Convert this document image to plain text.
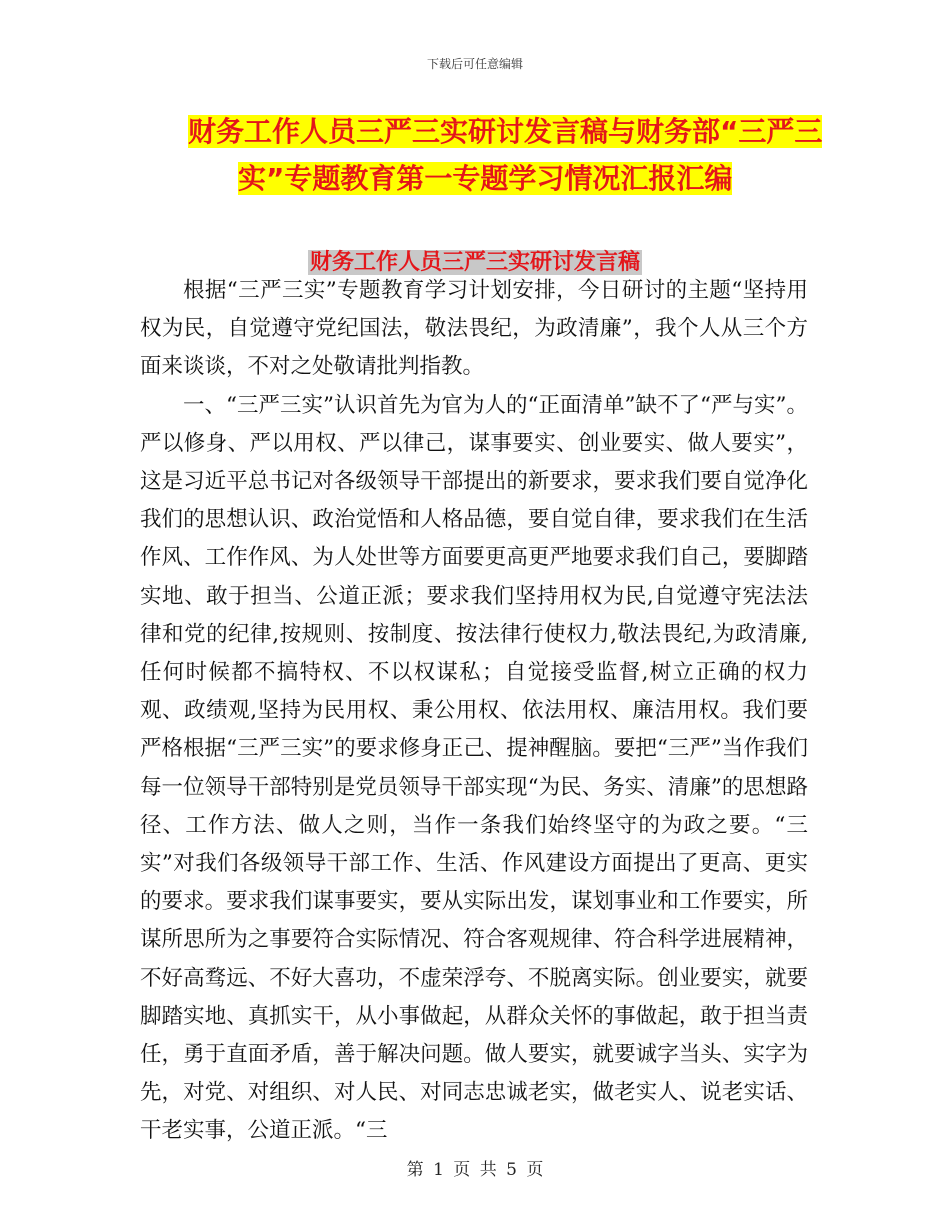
下载后可任意编辑
财务工作人员三严三实研讨发言稿与财务部“三严三
实”专题教育第一专题学习情况汇报汇编
财务工作人员三严三实研讨发言稿

根据“三严三实”专题教育学习计划安排，今日研讨的主题“坚持用权为民，自觉遵守党纪国法，敬法畏纪，为政清廉”，我个人从三个方面来谈谈，不对之处敬请批判指教。

一、“三严三实”认识首先为官为人的“正面清单”缺不了“严与实”。严以修身、严以用权、严以律己，谋事要实、创业要实、做人要实”，这是习近平总书记对各级领导干部提出的新要求，要求我们要自觉净化我们的思想认识、政治觉悟和人格品德，要自觉自律，要求我们在生活作风、工作作风、为人处世等方面要更高更严地要求我们自己，要脚踏实地、敢于担当、公道正派；要求我们坚持用权为民,自觉遵守宪法法律和党的纪律,按规则、按制度、按法律行使权力,敬法畏纪,为政清廉,任何时候都不搞特权、不以权谋私；自觉接受监督,树立正确的权力观、政绩观,坚持为民用权、秉公用权、依法用权、廉洁用权。我们要严格根据“三严三实”的要求修身正己、提神醒脑。要把“三严”当作我们每一位领导干部特别是党员领导干部实现“为民、务实、清廉”的思想路径、工作方法、做人之则，当作一条我们始终坚守的为政之要。“三实”对我们各级领导干部工作、生活、作风建设方面提出了更高、更实的要求。要求我们谋事要实，要从实际出发，谋划事业和工作要实，所谋所思所为之事要符合实际情况、符合客观规律、符合科学进展精神，不好高骛远、不好大喜功，不虚荣浮夸、不脱离实际。创业要实，就要脚踏实地、真抓实干，从小事做起，从群众关怀的事做起，敢于担当责任，勇于直面矛盾，善于解决问题。做人要实，就要诚字当头、实字为先，对党、对组织、对人民、对同志忠诚老实，做老实人、说老实话、干老实事，公道正派。“三

第 1 页 共 5 页
